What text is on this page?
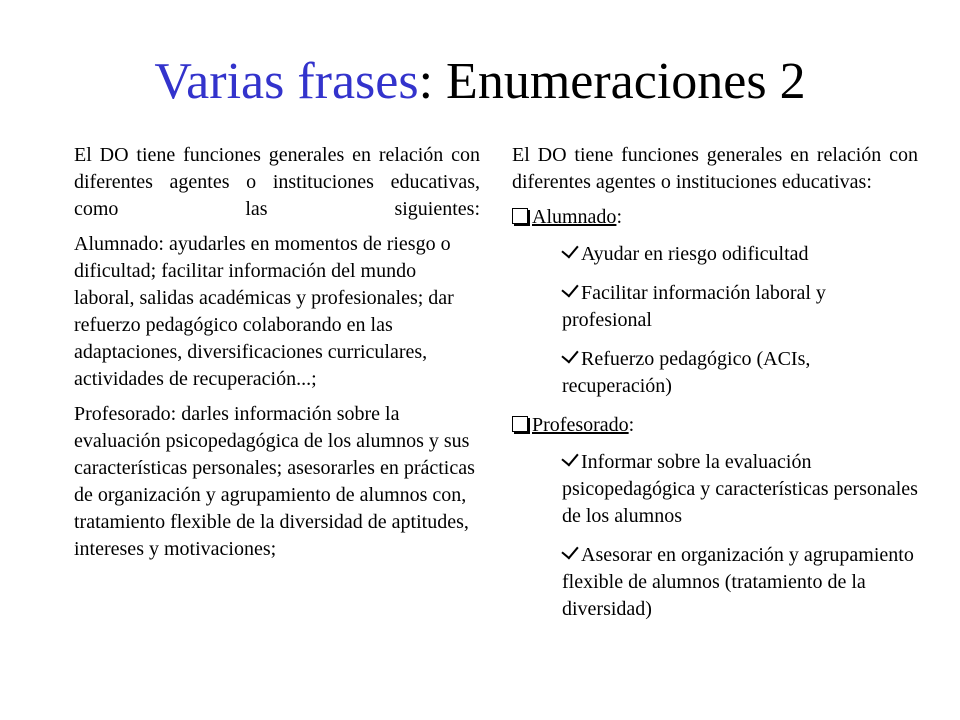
Varias frases: Enumeraciones 2

El DO tiene funciones generales en relación con diferentes agentes o instituciones educativas, como las siguientes:

Alumnado: ayudarles en momentos de riesgo o dificultad; facilitar información del mundo laboral, salidas académicas y profesionales; dar refuerzo pedagógico colaborando en las adaptaciones, diversificaciones curriculares, actividades de recuperación...;

Profesorado: darles información sobre la evaluación psicopedagógica de los alumnos y sus características personales; asesorarles en prácticas de organización y agrupamiento de alumnos con, tratamiento flexible de la diversidad de aptitudes, intereses y motivaciones;

El DO tiene funciones generales en relación con diferentes agentes o instituciones educativas:

Alumnado:
Ayudar en riesgo odificultad
Facilitar información laboral y profesional
Refuerzo pedagógico (ACIs, recuperación)
Profesorado:
Informar sobre la evaluación psicopedagógica y características personales de los alumnos
Asesorar en organización y agrupamiento flexible de alumnos (tratamiento de la diversidad)
